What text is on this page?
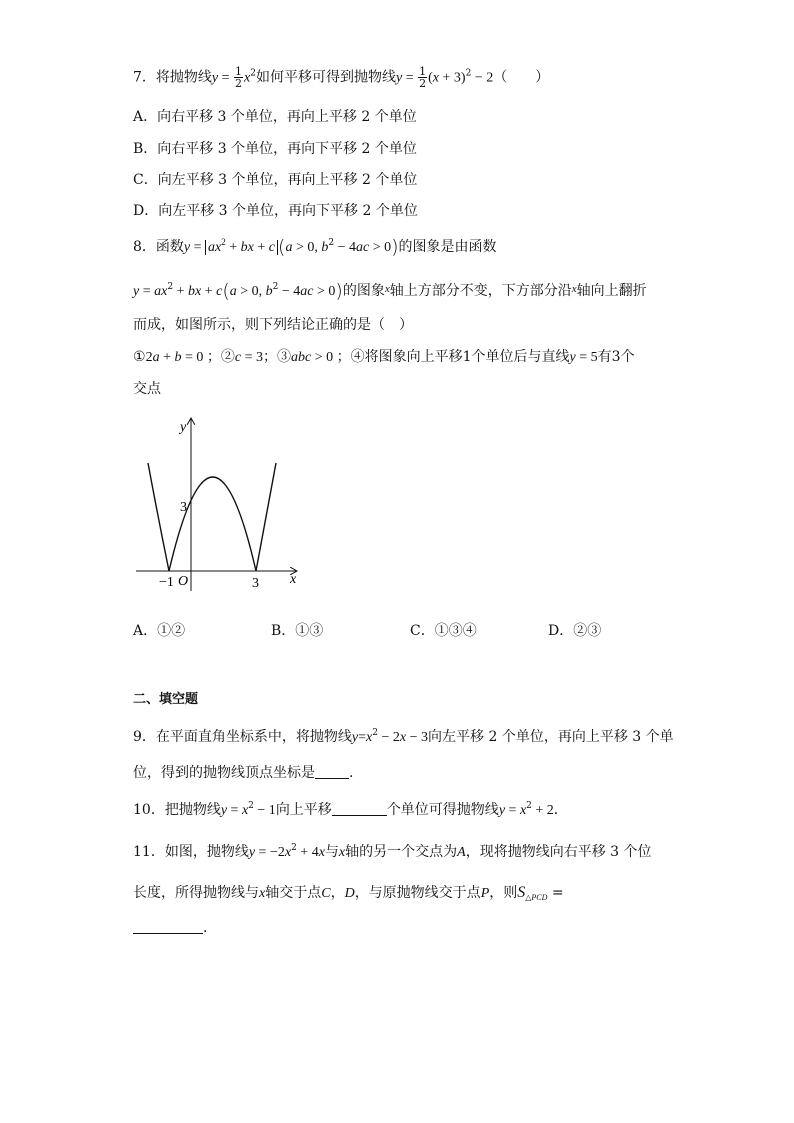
7．将抛物线$y = \frac{1}{2} x^2$如何平移可得到抛物线$y = \frac{1}{2} (x + 3)^2 - 2$（　　）
A．向右平移 3 个单位，再向上平移 2 个单位
B．向右平移 3 个单位，再向下平移 2 个单位
C．向左平移 3 个单位，再向上平移 2 个单位
D．向左平移 3 个单位，再向下平移 2 个单位
8．函数$y = ax^2$ + bx + c (a > 0, $b^2 - 4ac > 0$)的图象是由函数
$y = ax^2$ + bx + c(a > 0, $b^2 - 4ac > 0$)的图象$^x$轴上方部分不变，下方部分沿$^x$轴向上翻折
而成，如图所示，则下列结论正确的是（　）
①2a + b = 0 ；②c = 3；③abc > 0 ；④将图象向上平移1个单位后与直线y = 5有3个
交点
y
x
3
O
−1	3
A．①②	B．①③	C．①③④	D．②③
二、填空题
9．在平面直角坐标系中，将抛物线$y=x^2 - 2x - 3$向左平移 2 个单位，再向上平移 3 个单
位，得到的抛物线顶点坐标是 .
10．把抛物线$y = x^2 - 1$向上平移	个单位可得抛物线$y = x^2 + 2$．
11．如图，抛物线$y = -2x^2 + 4x$与x轴的另一个交点为A，现将抛物线向右平移 3 个位
长度，所得抛物线与x轴交于点C，D，与原抛物线交于点P，则$S_{\triangle PCD}$ =
.
